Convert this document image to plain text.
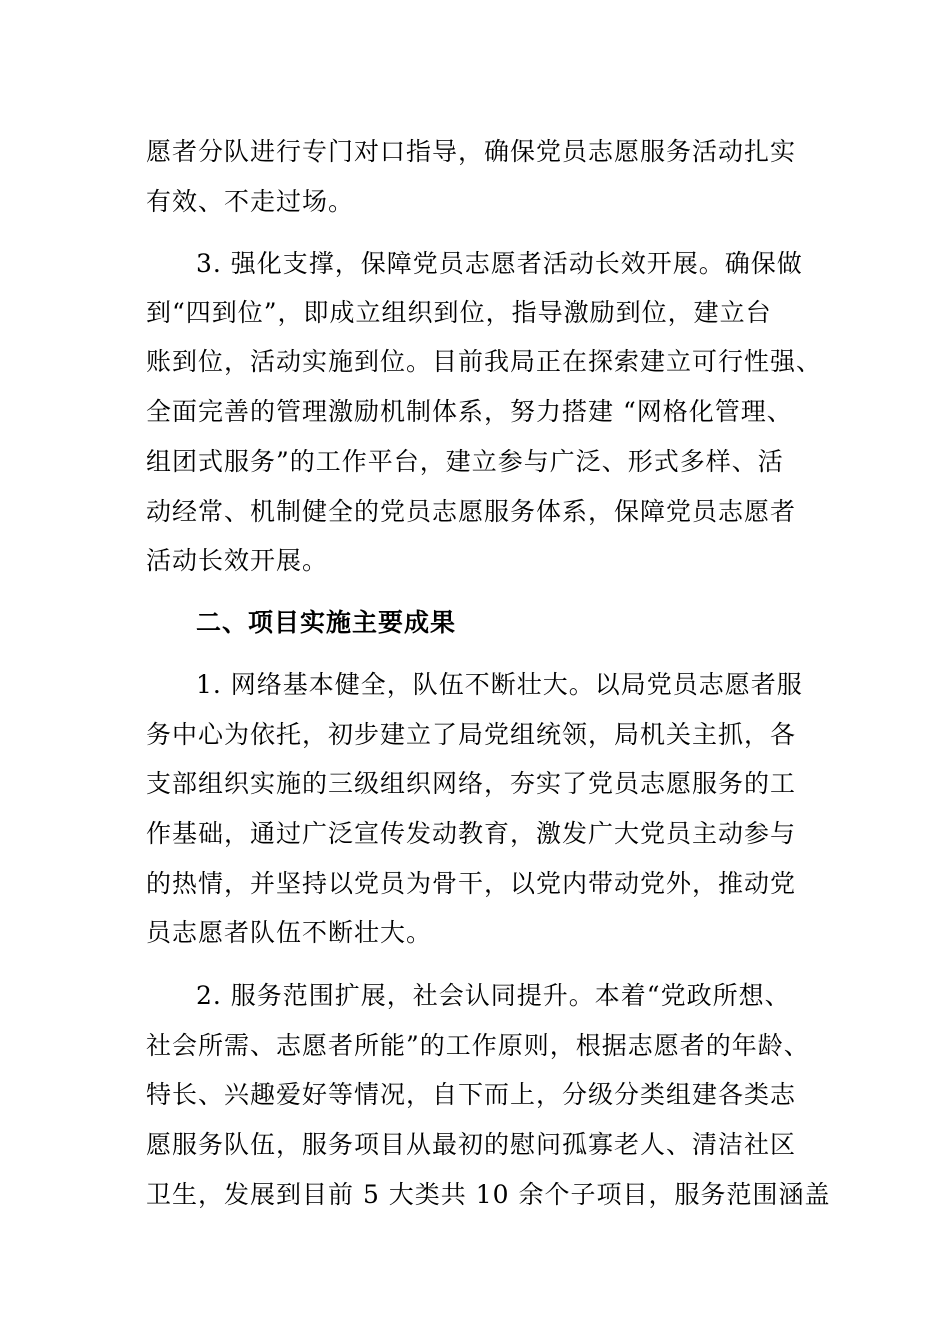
愿者分队进行专门对口指导，确保党员志愿服务活动扎实
有效、不走过场。
3. 强化支撑，保障党员志愿者活动长效开展。确保做
到“四到位”，即成立组织到位，指导激励到位，建立台
账到位，活动实施到位。目前我局正在探索建立可行性强、
全面完善的管理激励机制体系，努力搭建 “网格化管理、
组团式服务”的工作平台，建立参与广泛、形式多样、活
动经常、机制健全的党员志愿服务体系，保障党员志愿者
活动长效开展。
二、项目实施主要成果
1. 网络基本健全，队伍不断壮大。以局党员志愿者服
务中心为依托，初步建立了局党组统领，局机关主抓，各
支部组织实施的三级组织网络，夯实了党员志愿服务的工
作基础，通过广泛宣传发动教育，激发广大党员主动参与
的热情，并坚持以党员为骨干，以党内带动党外，推动党
员志愿者队伍不断壮大。
2. 服务范围扩展，社会认同提升。本着“党政所想、
社会所需、志愿者所能”的工作原则，根据志愿者的年龄、
特长、兴趣爱好等情况，自下而上，分级分类组建各类志
愿服务队伍，服务项目从最初的慰问孤寡老人、清洁社区
卫生，发展到目前 5 大类共 10 余个子项目，服务范围涵盖
